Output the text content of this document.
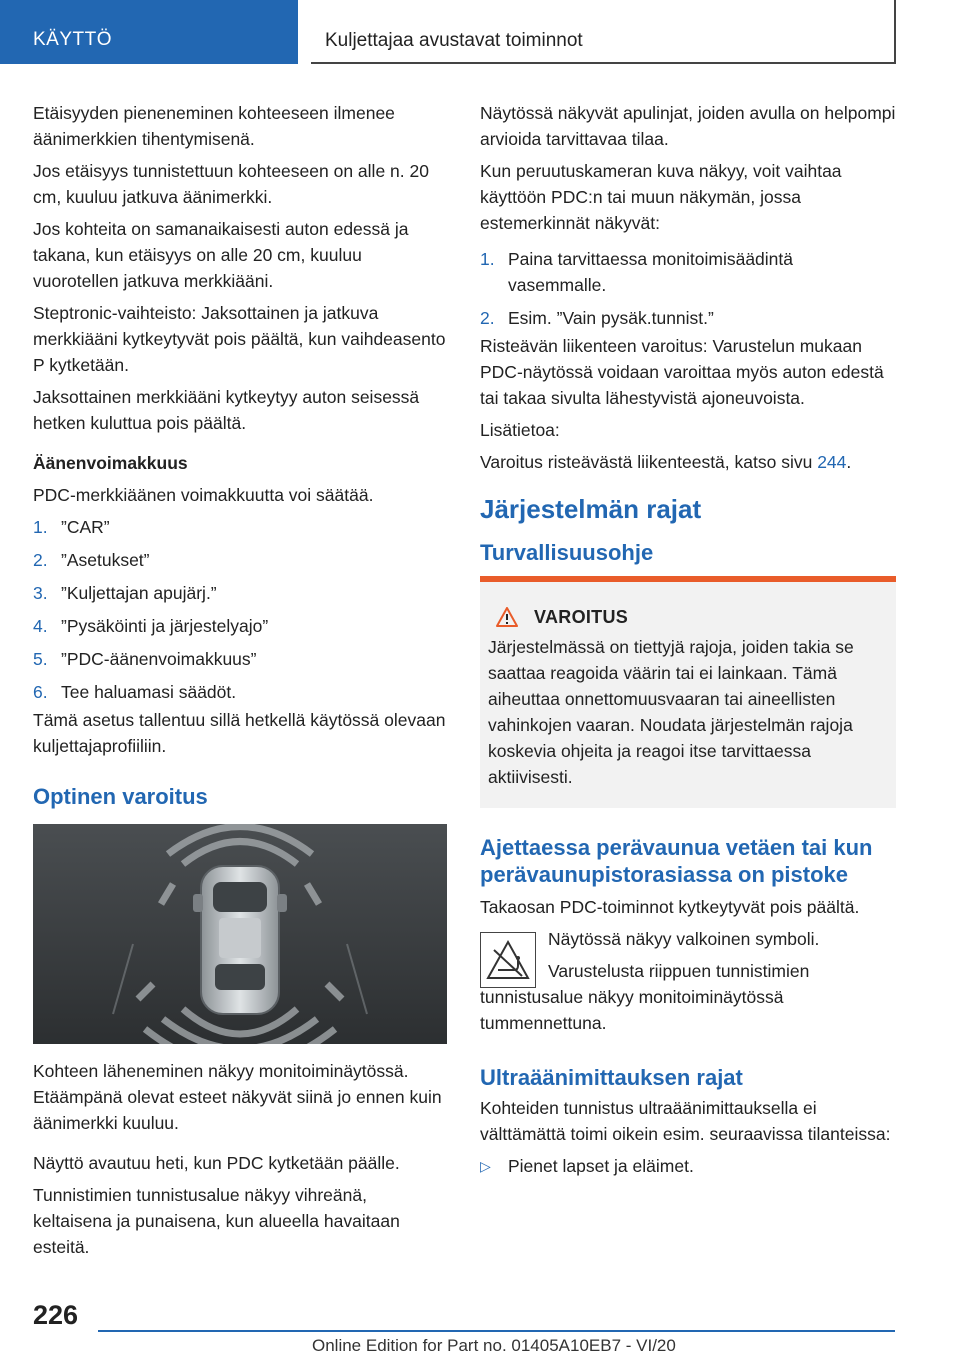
KÄYTTÖ	Kuljettajaa avustavat toiminnot

Etäisyyden pieneneminen kohteeseen ilmenee äänimerkkien tihentymisenä.

Jos etäisyys tunnistettuun kohteeseen on alle n. 20 cm, kuuluu jatkuva äänimerkki.

Jos kohteita on samanaikaisesti auton edessä ja takana, kun etäisyys on alle 20 cm, kuuluu vuorotellen jatkuva merkkiääni.

Steptronic-vaihteisto: Jaksottainen ja jatkuva merkkiääni kytkeytyvät pois päältä, kun vaihdeasento P kytketään.

Jaksottainen merkkiääni kytkeytyy auton seisessä hetken kuluttua pois päältä.

Äänenvoimakkuus

PDC-merkkiäänen voimakkuutta voi säätää.

1. ”CAR”
2. ”Asetukset”
3. ”Kuljettajan apujärj.”
4. ”Pysäköinti ja järjestelyajo”
5. ”PDC-äänenvoimakkuus”
6. Tee haluamasi säädöt.

Tämä asetus tallentuu sillä hetkellä käytössä olevaan kuljettajaprofiiliin.

Optinen varoitus

Kohteen läheneminen näkyy monitoiminäytössä. Etäämpänä olevat esteet näkyvät siinä jo ennen kuin äänimerkki kuuluu.

Näyttö avautuu heti, kun PDC kytketään päälle.

Tunnistimien tunnistusalue näkyy vihreänä, keltaisena ja punaisena, kun alueella havaitaan esteitä.

Näytössä näkyvät apulinjat, joiden avulla on helpompi arvioida tarvittavaa tilaa.

Kun peruutuskameran kuva näkyy, voit vaihtaa käyttöön PDC:n tai muun näkymän, jossa estemerkinnät näkyvät:

1. Paina tarvittaessa monitoimisäädintä vasemmalle.
2. Esim. ”Vain pysäk.tunnist.”

Risteävän liikenteen varoitus: Varustelun mukaan PDC-näytössä voidaan varoittaa myös auton edestä tai takaa sivulta lähestyvistä ajoneuvoista.

Lisätietoa:

Varoitus risteävästä liikenteestä, katso sivu 244.

Järjestelmän rajat

Turvallisuusohje

VAROITUS

Järjestelmässä on tiettyjä rajoja, joiden takia se saattaa reagoida väärin tai ei lainkaan. Tämä aiheuttaa onnettomuusvaaran tai aineellisten vahinkojen vaaran. Noudata järjestelmän rajoja koskevia ohjeita ja reagoi itse tarvittaessa aktiivisesti.

Ajettaessa perävaunua vetäen tai kun perävaunupistorasiassa on pistoke

Takaosan PDC-toiminnot kytkeytyvät pois päältä.

Näytössä näkyy valkoinen symboli.

Varustelusta riippuen tunnistimien tunnistusalue näkyy monitoiminäytössä tummennettuna.

Ultraäänimittauksen rajat

Kohteiden tunnistus ultraäänimittauksella ei välttämättä toimi oikein esim. seuraavissa tilanteissa:

▷ Pienet lapset ja eläimet.
226
Online Edition for Part no. 01405A10EB7 - VI/20
